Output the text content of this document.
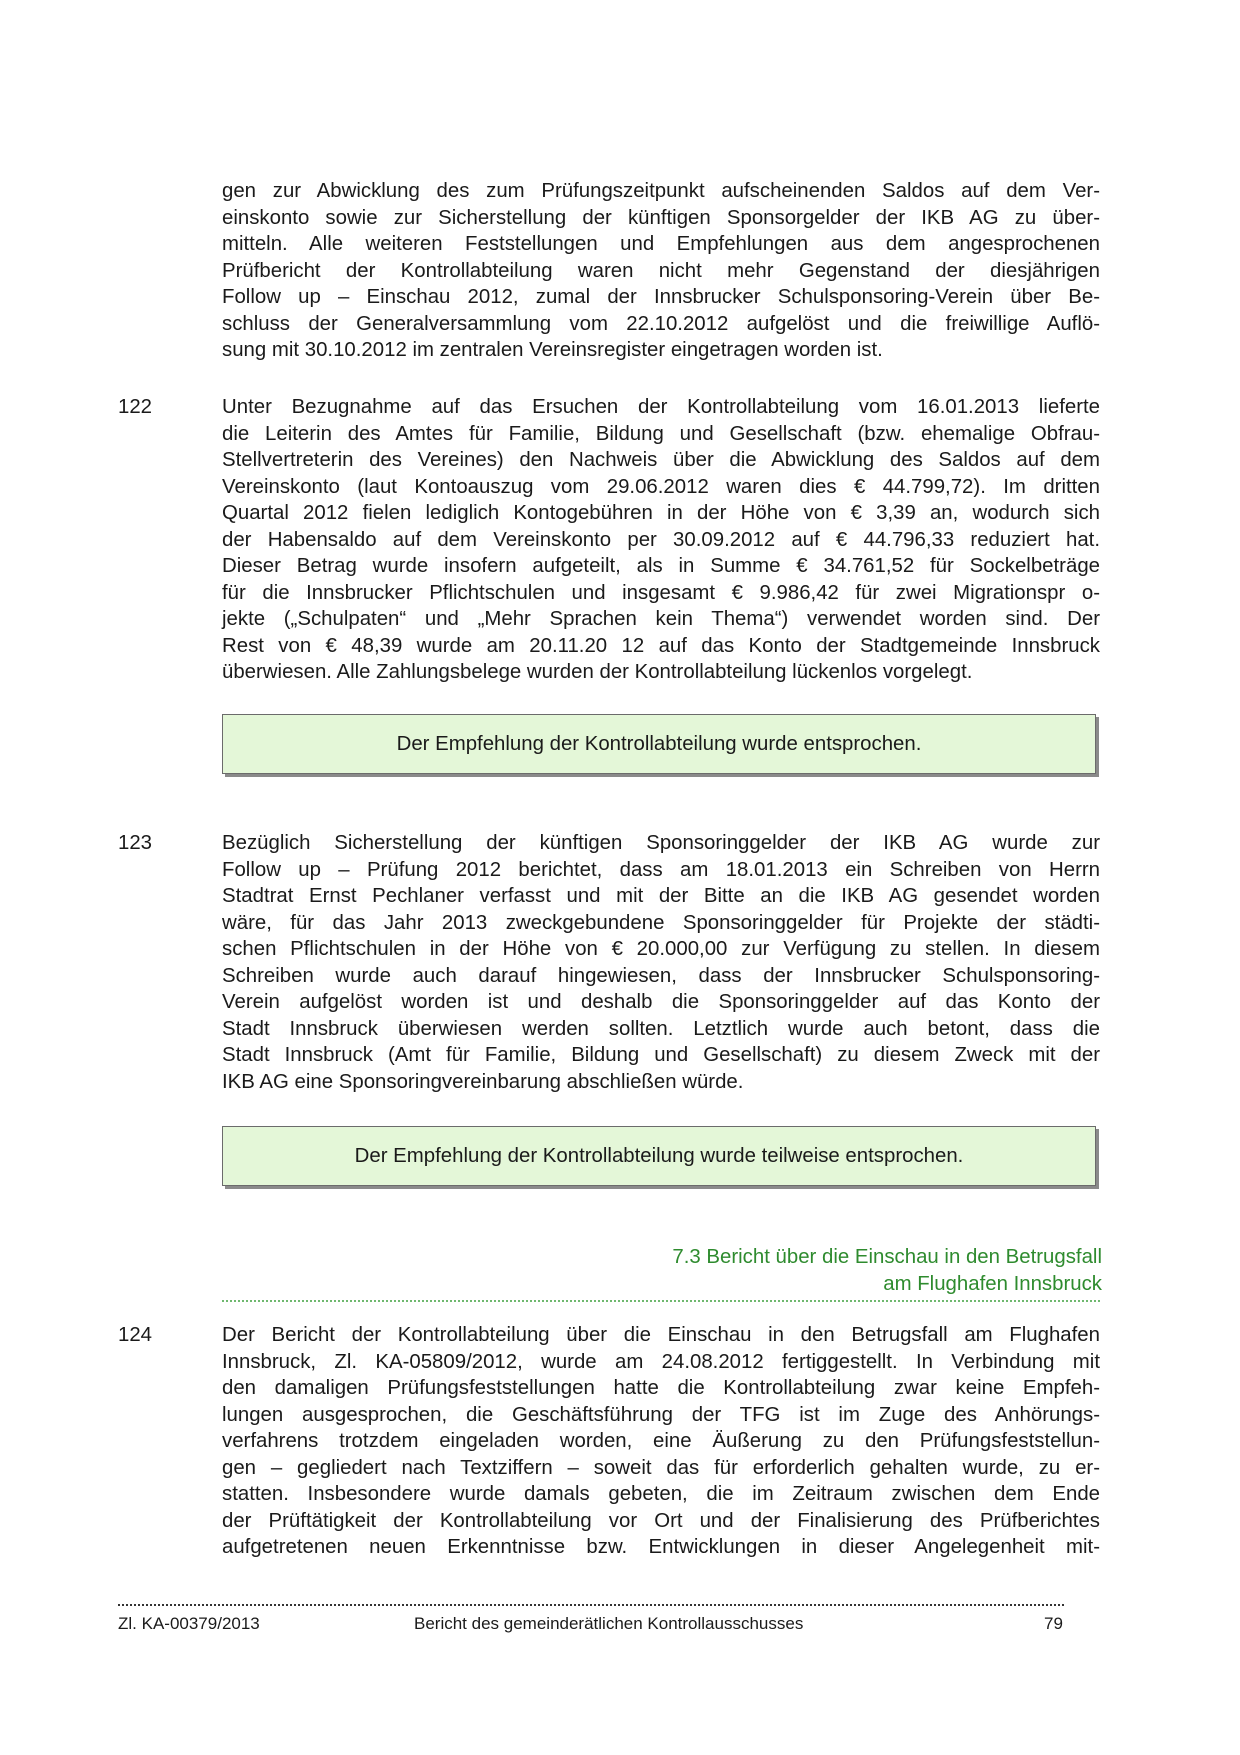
gen zur Abwicklung des zum Prüfungszeitpunkt aufscheinenden Saldos auf dem Ver-
einskonto sowie zur Sicherstellung der künftigen Sponsorgelder der IKB AG zu über-
mitteln. Alle weiteren Feststellungen und Empfehlungen aus dem angesprochenen
Prüfbericht der Kontrollabteilung waren nicht mehr Gegenstand der diesjährigen
Follow up – Einschau 2012, zumal der Innsbrucker Schulsponsoring-Verein über Be-
schluss der Generalversammlung vom 22.10.2012 aufgelöst und die freiwillige Auflö-
sung mit 30.10.2012 im zentralen Vereinsregister eingetragen worden ist.
122	Unter Bezugnahme auf das Ersuchen der Kontrollabteilung vom 16.01.2013 lieferte
die Leiterin des Amtes für Familie, Bildung und Gesellschaft (bzw. ehemalige Obfrau-
Stellvertreterin des Vereines) den Nachweis über die Abwicklung des Saldos auf dem
Vereinskonto (laut Kontoauszug vom 29.06.2012 waren dies € 44.799,72). Im dritten
Quartal 2012 fielen lediglich Kontogebühren in der Höhe von € 3,39 an, wodurch sich
der Habensaldo auf dem Vereinskonto per 30.09.2012 auf € 44.796,33 reduziert hat.
Dieser Betrag wurde insofern aufgeteilt, als in Summe € 34.761,52 für Sockelbeträge
für die Innsbrucker Pflichtschulen und insgesamt € 9.986,42 für zwei Migrationspr o-
jekte („Schulpaten“ und „Mehr Sprachen kein Thema“) verwendet worden sind. Der
Rest von € 48,39 wurde am 20.11.20 12 auf das Konto der Stadtgemeinde Innsbruck
überwiesen. Alle Zahlungsbelege wurden der Kontrollabteilung lückenlos vorgelegt.
Der Empfehlung der Kontrollabteilung wurde entsprochen.
123	Bezüglich Sicherstellung der künftigen Sponsoringgelder der IKB AG wurde zur
Follow up – Prüfung 2012 berichtet, dass am 18.01.2013 ein Schreiben von Herrn
Stadtrat Ernst Pechlaner verfasst und mit der Bitte an die IKB AG gesendet worden
wäre, für das Jahr 2013 zweckgebundene Sponsoringgelder für Projekte der städti-
schen Pflichtschulen in der Höhe von € 20.000,00 zur Verfügung zu stellen. In diesem
Schreiben wurde auch darauf hingewiesen, dass der Innsbrucker Schulsponsoring-
Verein aufgelöst worden ist und deshalb die Sponsoringgelder auf das Konto der
Stadt Innsbruck überwiesen werden sollten. Letztlich wurde auch betont, dass die
Stadt Innsbruck (Amt für Familie, Bildung und Gesellschaft) zu diesem Zweck mit der
IKB AG eine Sponsoringvereinbarung abschließen würde.
Der Empfehlung der Kontrollabteilung wurde teilweise entsprochen.
7.3 Bericht über die Einschau in den Betrugsfall
am Flughafen Innsbruck
124	Der Bericht der Kontrollabteilung über die Einschau in den Betrugsfall am Flughafen
Innsbruck, Zl. KA-05809/2012, wurde am 24.08.2012 fertiggestellt. In Verbindung mit
den damaligen Prüfungsfeststellungen hatte die Kontrollabteilung zwar keine Empfeh-
lungen ausgesprochen, die Geschäftsführung der TFG ist im Zuge des Anhörungs-
verfahrens trotzdem eingeladen worden, eine Äußerung zu den Prüfungsfeststellun-
gen – gegliedert nach Textziffern – soweit das für erforderlich gehalten wurde, zu er-
statten. Insbesondere wurde damals gebeten, die im Zeitraum zwischen dem Ende
der Prüftätigkeit der Kontrollabteilung vor Ort und der Finalisierung des Prüfberichtes
aufgetretenen neuen Erkenntnisse bzw. Entwicklungen in dieser Angelegenheit mit-
Zl. KA-00379/2013	Bericht des gemeinderätlichen Kontrollausschusses	79
